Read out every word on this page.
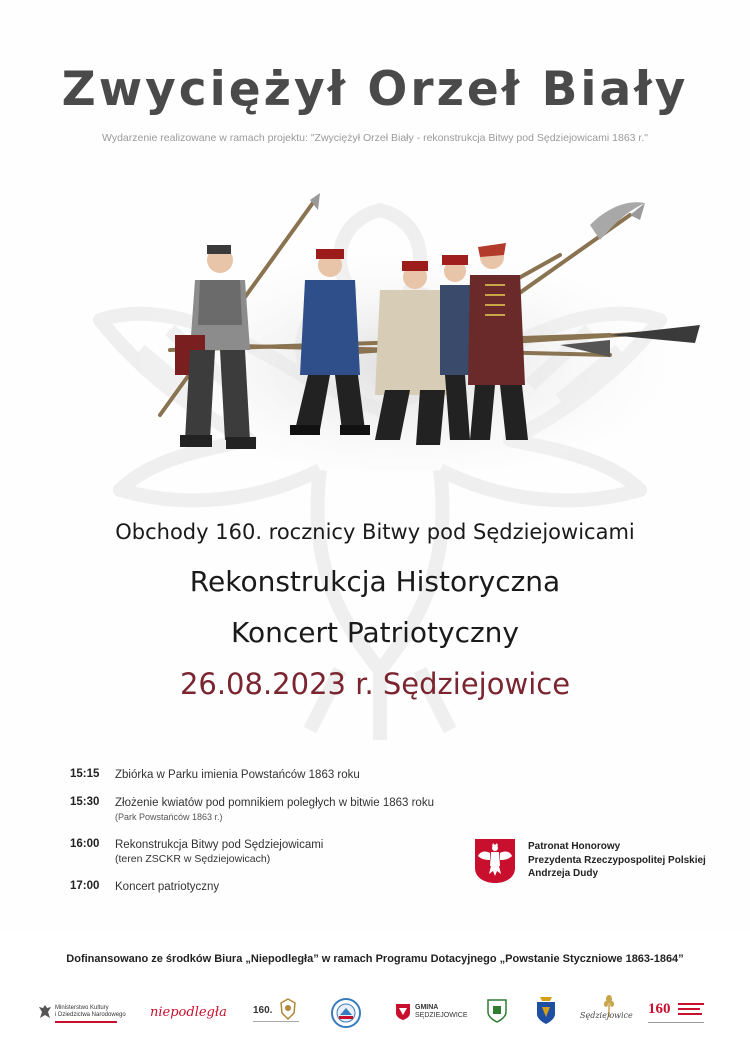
Zwyciężył Orzeł Biały
Wydarzenie realizowane w ramach projektu: "Zwyciężył Orzeł Biały - rekonstrukcja Bitwy pod Sędziejowicami 1863 r."
Obchody 160. rocznicy Bitwy pod Sędziejowicami
Rekonstrukcja Historyczna
Koncert Patriotyczny
26.08.2023 r. Sędziejowice
15:15	Zbiórka w Parku imienia Powstańców 1863 roku
15:30	Złożenie kwiatów pod pomnikiem poległych w bitwie 1863 roku
(Park Powstańców 1863 r.)
16:00	Rekonstrukcja Bitwy pod Sędziejowicami
(teren ZSCKR w Sędziejowicach)
17:00	Koncert patriotyczny
Patronat Honorowy
Prezydenta Rzeczypospolitej Polskiej
Andrzeja Dudy
Dofinansowano ze środków Biura „Niepodległa” w ramach Programu Dotacyjnego „Powstanie Styczniowe 1863-1864”
Ministerstwo Kultury
i Dziedzictwa Narodowego	niepodległa	160.	GMINA
SĘDZIEJOWICE	Sędziejowice 160
